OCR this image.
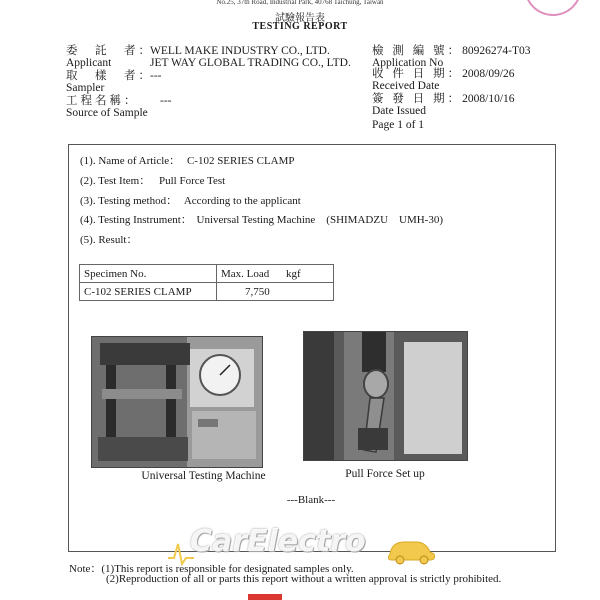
No.25, 37th Road, Industrial Park, 40768 Taichung, Taiwan
試驗報告表
TESTING REPORT
委　託　者：
Applicant
WELL MAKE INDUSTRY CO., LTD.
JET WAY GLOBAL TRADING CO., LTD.
取　樣　者：
Sampler
---
工程名稱：
Source of Sample
---
檢 測 編 號：80926274-T03
Application No
收 件 日 期：2008/09/26
Received Date
簽 發 日 期：2008/10/16
Date Issued
Page 1 of 1
(1). Name of Article： C-102 SERIES CLAMP
(2). Test Item： Pull Force Test
(3). Testing method： According to the applicant
(4). Testing Instrument： Universal Testing Machine　(SHIMADZU　UMH-30)
(5). Result：
Specimen No.	Max. Load kgf
C-102 SERIES CLAMP	7,750
Universal Testing Machine	Pull Force Set up
---Blank---
CarElectro
Note：(1)This report is responsible for designated samples only.
(2)Reproduction of all or parts this report without a written approval is strictly prohibited.
